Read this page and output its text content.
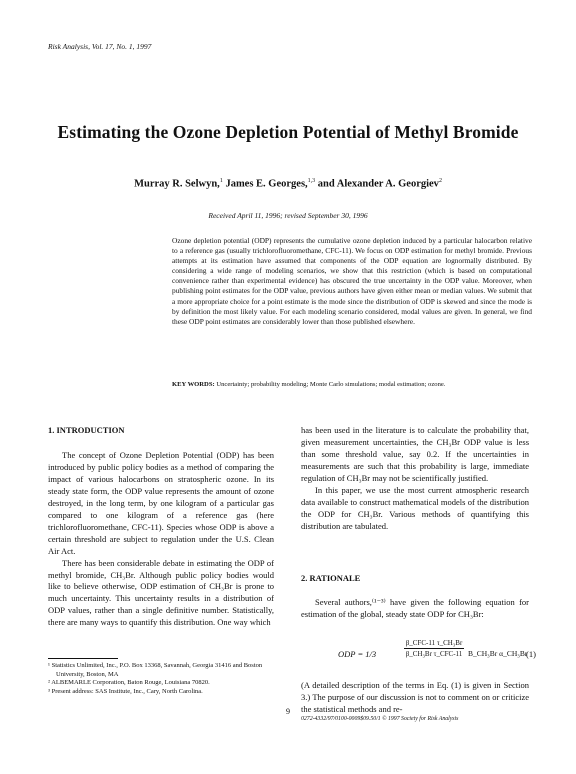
Risk Analysis, Vol. 17, No. 1, 1997
Estimating the Ozone Depletion Potential of Methyl Bromide
Murray R. Selwyn,$^1$ James E. Georges,$^{1,3}$ and Alexander A. Georgiev$^2$
Received April 11, 1996; revised September 30, 1996
Ozone depletion potential (ODP) represents the cumulative ozone depletion induced by a particular halocarbon relative to a reference gas (usually trichlorofluoromethane, CFC-11). We focus on ODP estimation for methyl bromide. Previous attempts at its estimation have assumed that components of the ODP equation are lognormally distributed. By considering a wide range of modeling scenarios, we show that this restriction (which is based on computational convenience rather than experimental evidence) has obscured the true uncertainty in the ODP value. Moreover, when publishing point estimates for the ODP value, previous authors have given either mean or median values. We submit that a more appropriate choice for a point estimate is the mode since the distribution of ODP is skewed and since the mode is by definition the most likely value. For each modeling scenario considered, modal values are given. In general, we find these ODP point estimates are considerably lower than those published elsewhere.
KEY WORDS: Uncertainty; probability modeling; Monte Carlo simulations; modal estimation; ozone.
1. INTRODUCTION

The concept of Ozone Depletion Potential (ODP) has been introduced by public policy bodies as a method of comparing the impact of various halocarbons on stratospheric ozone. In its steady state form, the ODP value represents the amount of ozone destroyed, in the long term, by one kilogram of a particular gas compared to one kilogram of a reference gas (here trichlorofluoromethane, CFC-11). Species whose ODP is above a certain threshold are subject to regulation under the U.S. Clean Air Act.

There has been considerable debate in estimating the ODP of methyl bromide, CH₃Br. Although public policy bodies would like to believe otherwise, ODP estimation of CH₃Br is prone to much uncertainty. This uncertainty results in a distribution of ODP values, rather than a single definitive number. Statistically, there are many ways to quantify this distribution. One way which

¹ Statistics Unlimited, Inc., P.O. Box 13368, Savannah, Georgia 31416 and Boston University, Boston, MA

² ALBEMARLE Corporation, Baton Rouge, Louisiana 70820.

³ Present address: SAS Institute, Inc., Cary, North Carolina.

has been used in the literature is to calculate the probability that, given measurement uncertainties, the CH₃Br ODP value is less than some threshold value, say 0.2. If the uncertainties in measurements are such that this probability is large, immediate regulation of CH₃Br may not be scientifically justified.

In this paper, we use the most current atmospheric research data available to construct mathematical models of the distribution the ODP for CH₃Br. Various methods of quantifying this distribution are tabulated.

2. RATIONALE

Several authors,⁽¹⁻³⁾ have given the following equation for estimation of the global, steady state ODP for CH₃Br:

ODP = 1/3
β_CFC-11 τ_CH₃Br
β_CH₃Br τ_CFC-11 B_CH₃Br α_CH₃Br
(1)

(A detailed description of the terms in Eq. (1) is given in Section 3.) The purpose of our discussion is not to comment on or criticize the statistical methods and re-

9
0272-4332/97/0100-0009$09.50/1 © 1997 Society for Risk Analysis
